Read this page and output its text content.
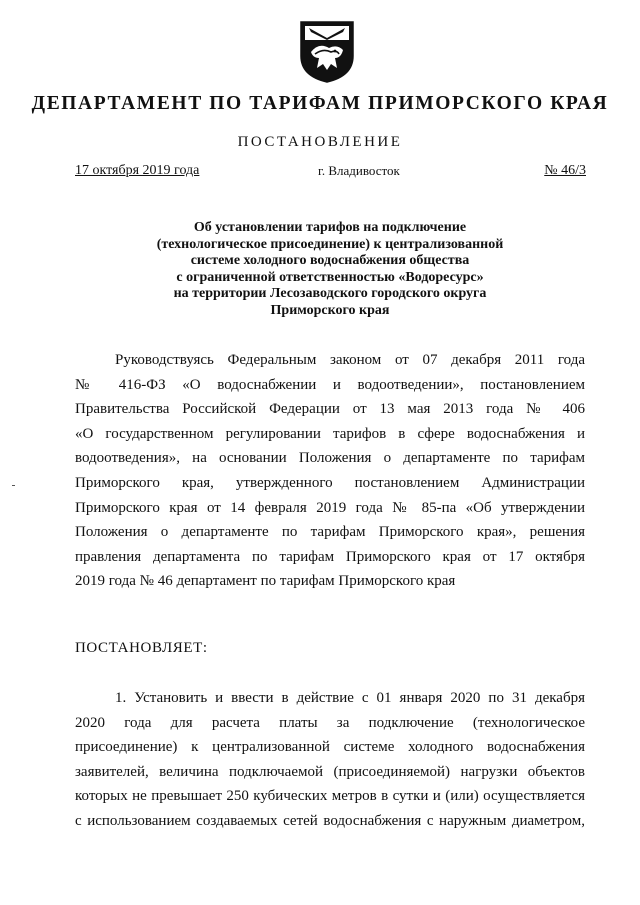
ДЕПАРТАМЕНТ ПО ТАРИФАМ ПРИМОРСКОГО КРАЯ
ПОСТАНОВЛЕНИЕ
17 октября 2019 года	г. Владивосток	№ 46/3
Об установлении тарифов на подключение
(технологическое присоединение) к централизованной
системе холодного водоснабжения общества
с ограниченной ответственностью «Водоресурс»
на территории Лесозаводского городского округа
Приморского края
Руководствуясь Федеральным законом от 07 декабря 2011 года
№ 416-ФЗ «О водоснабжении и водоотведении», постановлением
Правительства Российской Федерации от 13 мая 2013 года № 406
«О государственном регулировании тарифов в сфере водоснабжения и
водоотведения», на основании Положения о департаменте по тарифам
Приморского края, утвержденного постановлением Администрации
Приморского края от 14 февраля 2019 года № 85-па «Об утверждении
Положения о департаменте по тарифам Приморского края», решения
правления департамента по тарифам Приморского края от 17 октября
2019 года № 46 департамент по тарифам Приморского края
ПОСТАНОВЛЯЕТ:
1. Установить и ввести в действие с 01 января 2020 по 31 декабря
2020 года для расчета платы за подключение (технологическое
присоединение) к централизованной системе холодного водоснабжения
заявителей, величина подключаемой (присоединяемой) нагрузки объектов
которых не превышает 250 кубических метров в сутки и (или) осуществляется
с использованием создаваемых сетей водоснабжения с наружным диаметром,
